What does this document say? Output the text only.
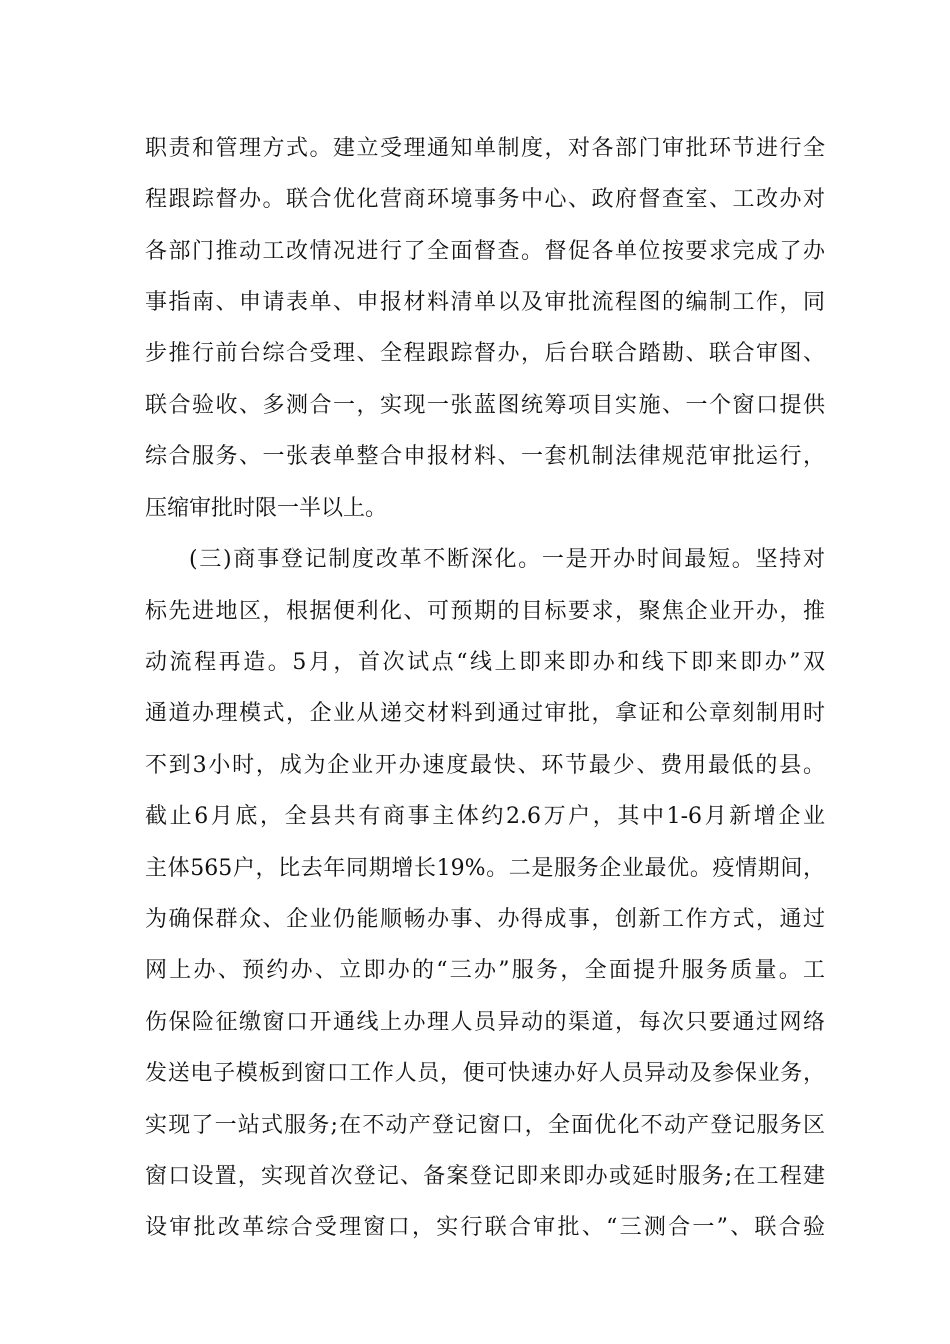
职责和管理方式。建立受理通知单制度，对各部门审批环节进行全
程跟踪督办。联合优化营商环境事务中心、政府督查室、工改办对
各部门推动工改情况进行了全面督查。督促各单位按要求完成了办
事指南、申请表单、申报材料清单以及审批流程图的编制工作，同
步推行前台综合受理、全程跟踪督办，后台联合踏勘、联合审图、
联合验收、多测合一，实现一张蓝图统筹项目实施、一个窗口提供
综合服务、一张表单整合申报材料、一套机制法律规范审批运行，
压缩审批时限一半以上。
(三)商事登记制度改革不断深化。一是开办时间最短。坚持对
标先进地区，根据便利化、可预期的目标要求，聚焦企业开办，推
动流程再造。5月，首次试点“线上即来即办和线下即来即办”双
通道办理模式，企业从递交材料到通过审批，拿证和公章刻制用时
不到3小时，成为企业开办速度最快、环节最少、费用最低的县。
截止6月底，全县共有商事主体约2.6万户，其中1-6月新增企业
主体565户，比去年同期增长19%。二是服务企业最优。疫情期间，
为确保群众、企业仍能顺畅办事、办得成事，创新工作方式，通过
网上办、预约办、立即办的“三办”服务，全面提升服务质量。工
伤保险征缴窗口开通线上办理人员异动的渠道，每次只要通过网络
发送电子模板到窗口工作人员，便可快速办好人员异动及参保业务，
实现了一站式服务;在不动产登记窗口，全面优化不动产登记服务区
窗口设置，实现首次登记、备案登记即来即办或延时服务;在工程建
设审批改革综合受理窗口，实行联合审批、“三测合一”、联合验
